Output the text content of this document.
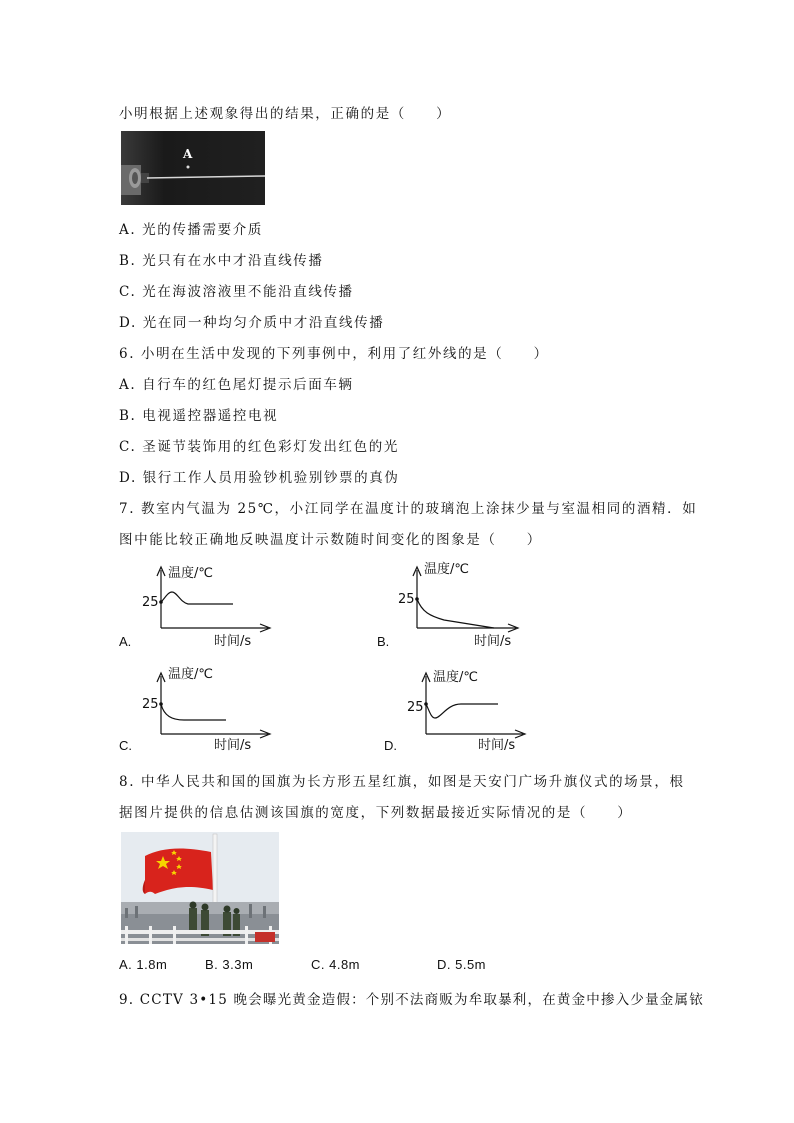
小明根据上述观象得出的结果，正确的是（　　）
A
A. 光的传播需要介质
B. 光只有在水中才沿直线传播
C. 光在海波溶液里不能沿直线传播
D. 光在同一种均匀介质中才沿直线传播
6. 小明在生活中发现的下列事例中，利用了红外线的是（　　）
A. 自行车的红色尾灯提示后面车辆
B. 电视遥控器遥控电视
C. 圣诞节装饰用的红色彩灯发出红色的光
D. 银行工作人员用验钞机验别钞票的真伪
7. 教室内气温为 25℃，小江同学在温度计的玻璃泡上涂抹少量与室温相同的酒精．如
图中能比较正确地反映温度计示数随时间变化的图象是（　　）
温度/℃
25
时间/s
A.
温度/℃
25
时间/s
B.
温度/℃
25
时间/s
C.
温度/℃
25
时间/s
D.
8. 中华人民共和国的国旗为长方形五星红旗，如图是天安门广场升旗仪式的场景，根
据图片提供的信息估测该国旗的宽度，下列数据最接近实际情况的是（　　）
A. 1.8m	B. 3.3m	C. 4.8m	D. 5.5m
9. CCTV 3•15 晚会曝光黄金造假：个别不法商贩为牟取暴利，在黄金中掺入少量金属铱
